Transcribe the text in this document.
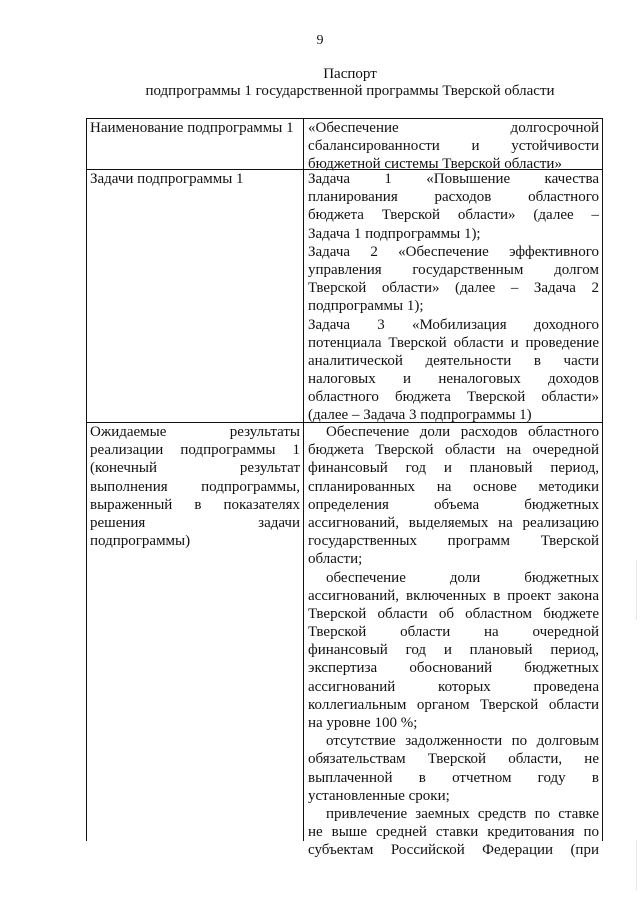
9
Паспорт
подпрограммы 1 государственной программы Тверской области
Наименование подпрограммы 1 «Обеспечение долгосрочной
сбалансированности и устойчивости
бюджетной системы Тверской области»
Задачи подпрограммы 1	Задача 1 «Повышение качества
планирования расходов областного
бюджета Тверской области» (далее –
Задача 1 подпрограммы 1);
Задача 2 «Обеспечение эффективного
управления государственным долгом
Тверской области» (далее – Задача 2
подпрограммы 1);
Задача 3 «Мобилизация доходного
потенциала Тверской области и проведение
аналитической деятельности в части
налоговых и неналоговых доходов
областного бюджета Тверской области»
(далее – Задача 3 подпрограммы 1)
Ожидаемые результаты
реализации подпрограммы 1
(конечный результат
выполнения подпрограммы,
выраженный в показателях
решения задачи
подпрограммы)
Обеспечение доли расходов областного
бюджета Тверской области на очередной
финансовый год и плановый период,
спланированных на основе методики
определения объема бюджетных
ассигнований, выделяемых на реализацию
государственных программ Тверской
области;
обеспечение доли бюджетных
ассигнований, включенных в проект закона
Тверской области об областном бюджете
Тверской области на очередной
финансовый год и плановый период,
экспертиза обоснований бюджетных
ассигнований которых проведена
коллегиальным органом Тверской области
на уровне 100 %;
отсутствие задолженности по долговым
обязательствам Тверской области, не
выплаченной в отчетном году в
установленные сроки;
привлечение заемных средств по ставке
не выше средней ставки кредитования по
субъектам Российской Федерации (при
